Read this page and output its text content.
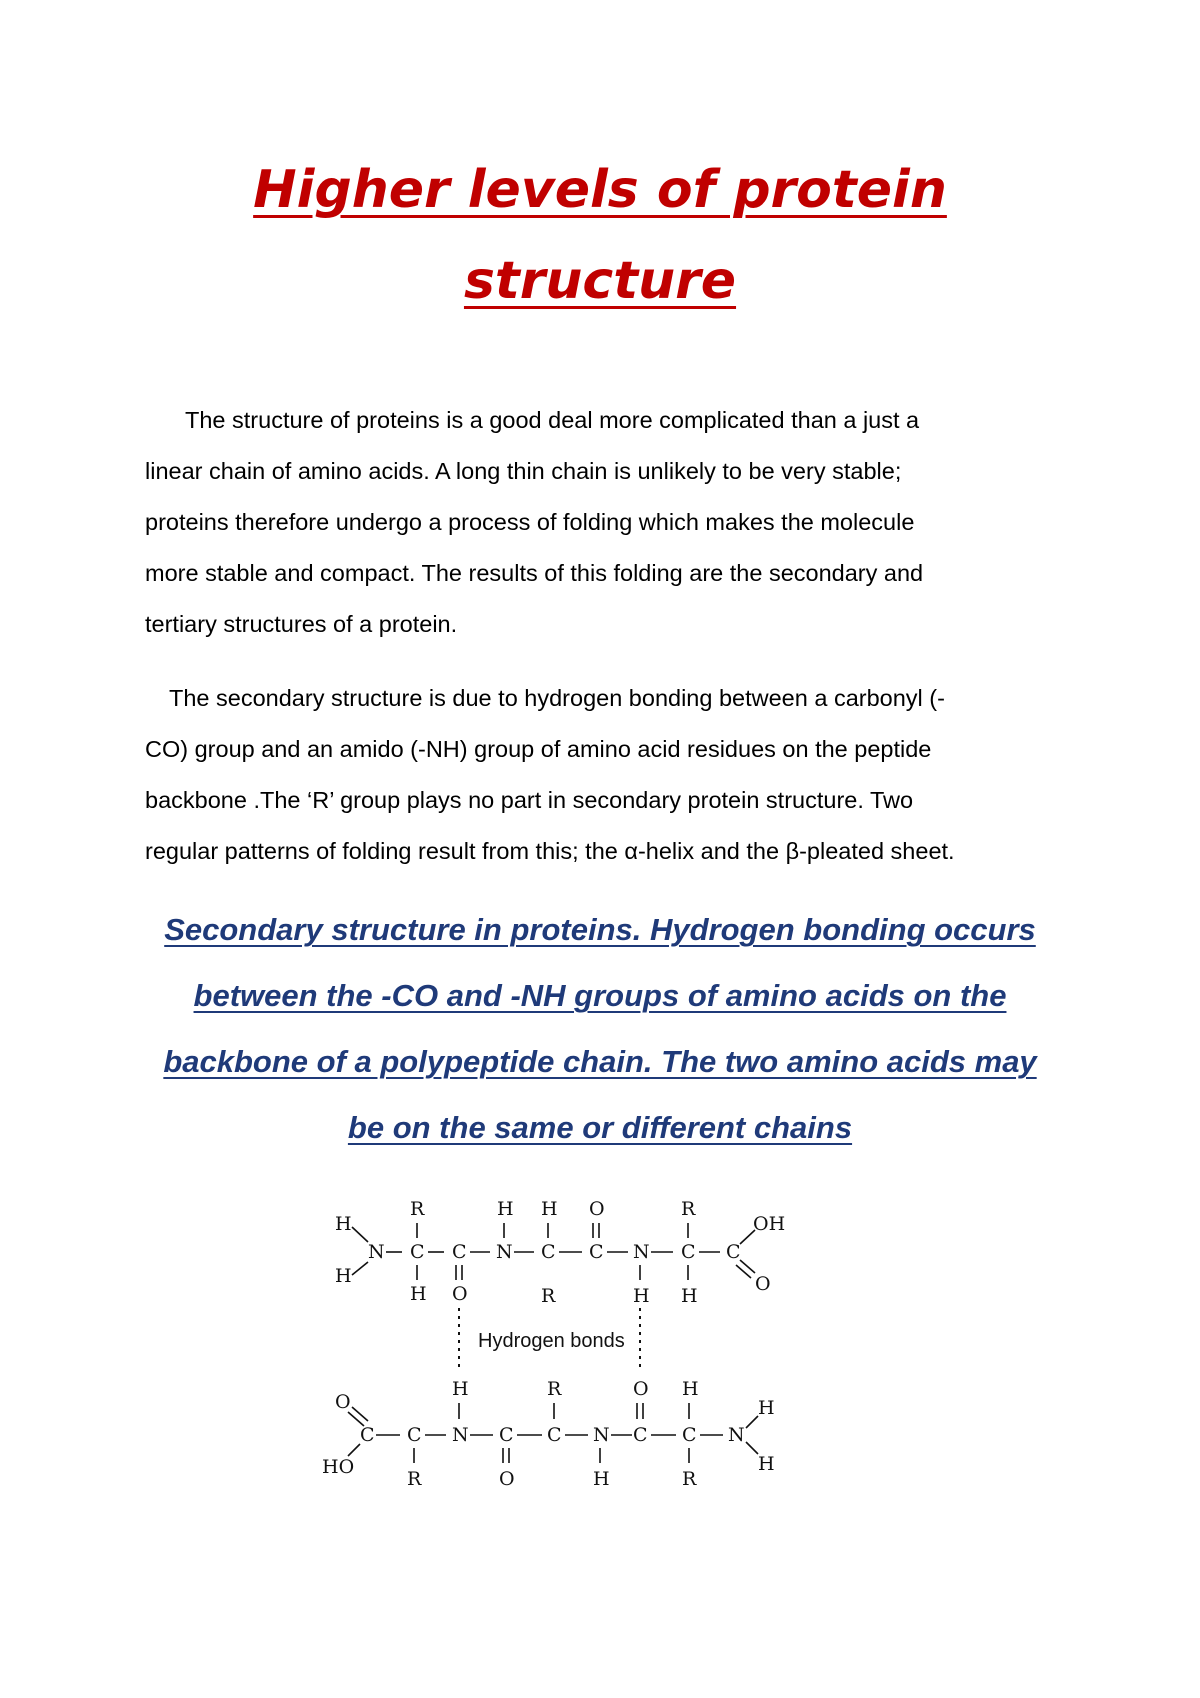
Higher levels of protein
structure

The structure of proteins is a good deal more complicated than a just a
linear chain of amino acids. A long thin chain is unlikely to be very stable;
proteins therefore undergo a process of folding which makes the molecule
more stable and compact. The results of this folding are the secondary and
tertiary structures of a protein.

The secondary structure is due to hydrogen bonding between a carbonyl (-
CO) group and an amido (-NH) group of amino acid residues on the peptide
backbone .The ‘R’ group plays no part in secondary protein structure. Two
regular patterns of folding result from this; the α-helix and the β-pleated sheet.

Secondary structure in proteins. Hydrogen bonding occurs
between the -CO and -NH groups of amino acids on the
backbone of a polypeptide chain. The two amino acids may
be on the same or different chains

H
H
N
R
C
H
C
O
H
N
H
C
R
O
C N
H
R
C
H
C
OH
O
Hydrogen bonds
O
C
HO
C
R
H
N C
O
R
C N
H
O
C
H
C
R
N
H
H
